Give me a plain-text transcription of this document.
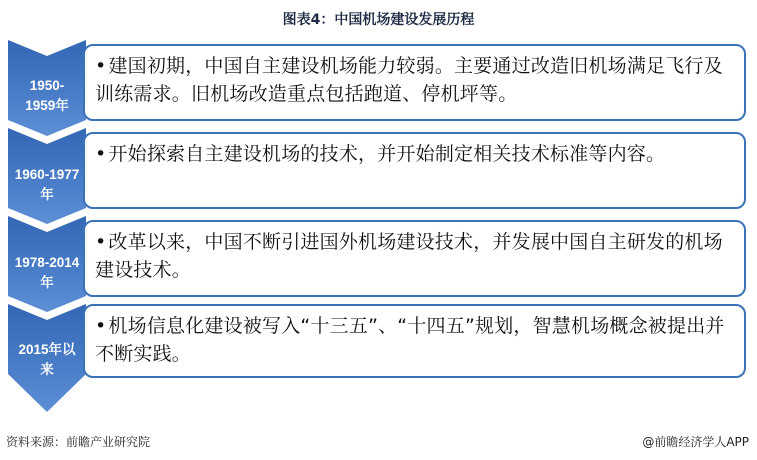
图表4：中国机场建设发展历程
1950-
1959年
1960-1977
年
1978-2014
年
2015年以
来
• 建国初期，中国自主建设机场能力较弱。主要通过改造旧机场满足飞行及训练需求。旧机场改造重点包括跑道、停机坪等。
• 开始探索自主建设机场的技术，并开始制定相关技术标准等内容。
• 改革以来，中国不断引进国外机场建设技术，并发展中国自主研发的机场建设技术。
• 机场信息化建设被写入“十三五”、“十四五”规划，智慧机场概念被提出并不断实践。
资料来源：前瞻产业研究院	@前瞻经济学人APP
